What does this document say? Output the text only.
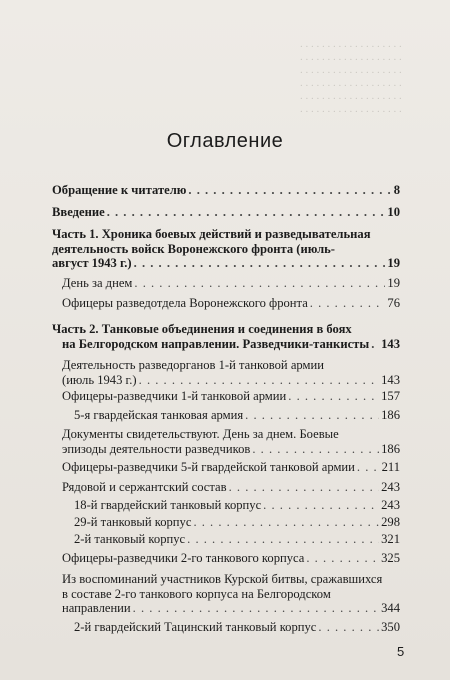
. . . . . . . . . . . . . . . . . . .
. . . . . . . . . . . . . . . . . . .
. . . . . . . . . . . . . . . . . . .
. . . . . . . . . . . . . . . . . . .
. . . . . . . . . . . . . . . . . . .
. . . . . . . . . . . . . . . . . . .
Оглавление
Обращение к читателю . . .	8
Введение . . .	10
Часть 1. Хроника боевых действий и разведывательная
деятельность войск Воронежского фронта (июль-
август 1943 г.) . . .	19
День за днем . . .	19
Офицеры разведотдела Воронежского фронта . . .	76
Часть 2. Танковые объединения и соединения в боях
на Белгородском направлении. Разведчики-танкисты . . . 143
Деятельность разведорганов 1-й танковой армии
(июль 1943 г.) . . .	143
Офицеры-разведчики 1-й танковой армии . . .	157
5-я гвардейская танковая армия . . .	186
Документы свидетельствуют. День за днем. Боевые
эпизоды деятельности разведчиков . . .	186
Офицеры-разведчики 5-й гвардейской танковой армии . . . 211
Рядовой и сержантский состав . . .	243
18-й гвардейский танковый корпус . . .	243
29-й танковый корпус . . .	298
2-й танковый корпус . . .	321
Офицеры-разведчики 2-го танкового корпуса . . .	325
Из воспоминаний участников Курской битвы, сражавшихся
в составе 2-го танкового корпуса на Белгородском
направлении . . .	344
2-й гвардейский Тацинский танковый корпус . . .	350
5
